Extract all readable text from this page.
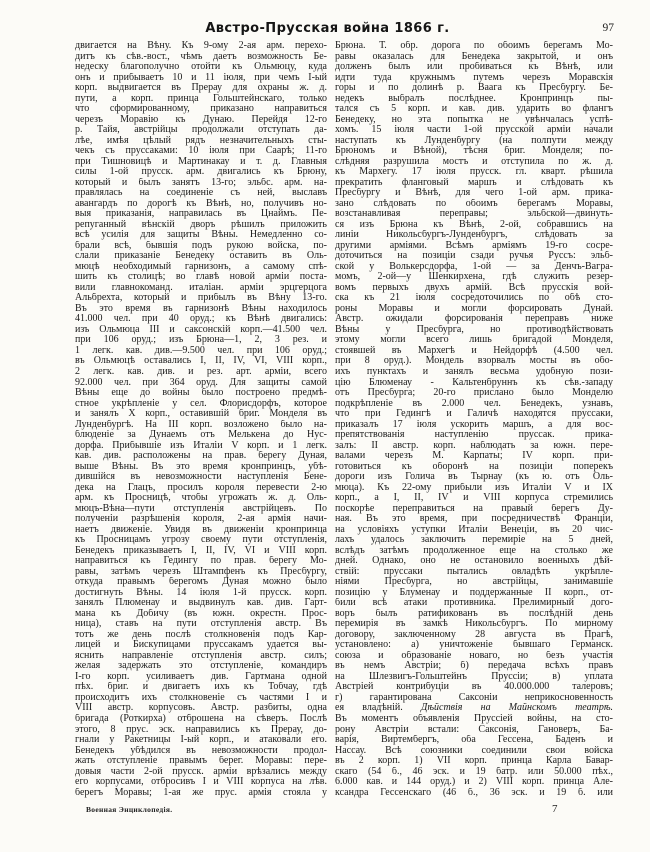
Австро-Прусская война 1866 г.	97
двигается на Вѣну. Къ 9-ому 2-ая арм. перехо-
дитъ къ сѣв.-вост., чѣмъ даетъ возможность Бе-
недеску благополучно отойти къ Ольмюцу, куда
онъ и прибываетъ 10 и 11 іюля, при чемъ I-ый
корп. выдвигается въ Прерау для охраны ж. д.
пути, а корп. принца Гольштейнскаго, только
что сформированному, приказано направиться
черезъ Моравію къ Дунаю. Перейдя 12-го
р. Тайя, австрійцы продолжали отступать да-
лѣе, имѣя цѣлый рядъ незначительныхъ сты-
чекъ съ пруссаками: 10 іюля при Саарѣ; 11-го
при Тишновицѣ и Мартинакау и т. д. Главныя
силы 1-ой прусск. арм. двигались къ Брюну,
который и былъ занятъ 13-го; эльбс. арм. на-
правлялась на соединеніе съ ней, выславъ
авангардъ по дорогѣ къ Вѣнѣ, но, получивъ но-
выя приказанія, направилась въ Цнаймъ. Пе-
репуганный вѣнскій дворъ рѣшилъ приложить
всѣ усилія для защиты Вѣны. Немедленно со-
брали всѣ, бывшія подъ рукою войска, по-
слали приказаніе Бенедеку оставить въ Оль-
мюцѣ необходимый гарнизонъ, а самому спѣ-
шить къ столицѣ; во главѣ новой арміи поста-
вили главнокоманд. италіан. арміи эрцгерцога
Альбрехта, который и прибылъ въ Вѣну 13-го.
Въ это время въ гарнизонѣ Вѣны находилось
41.000 чел. при 40 оруд.; къ Вѣнѣ двигались:
изъ Ольмюца III и саксонскій корп.—41.500 чел.
при 106 оруд.; изъ Брюна—1, 2, 3 рез. и
1 легк. кав. див.—9.500 чел. при 106 оруд.;
въ Ольмюцѣ оставались I, II, IV, VI, VIII корп.,
2 легк. кав. див. и рез. арт. арміи, всего
92.000 чел. при 364 оруд. Для защиты самой
Вѣны еще до войны было построено предмѣ-
стное укрѣпленіе у сел. Флорисдорфъ, которое
и занялъ X корп., оставившій бриг. Монделя въ
Лунденбургѣ. На III корп. возложено было на-
блюденіе за Дунаемъ отъ Мелькена до Нус-
дорфа. Прибывшіе изъ Италіи V корп. и 1 легк.
кав. див. расположены на прав. берегу Дуная,
выше Вѣны. Въ это время кронпринцъ, убѣ-
дившійся въ невозможности наступленія Бене-
дека на Глацъ, просилъ короля перевести 2-ю
арм. къ Просницѣ, чтобы угрожать ж. д. Оль-
мюцъ-Вѣна—пути отступленія австрійцевъ. По
полученіи разрѣшенія короля, 2-ая армія начи-
наетъ движеніе. Увидя въ движеніи кронпринца
къ Просницамъ угрозу своему пути отступленія,
Бенедекъ приказываетъ I, II, IV, VI и VIII корп.
направиться къ Гедингу по прав. берегу Мо-
равы, затѣмъ черезъ Штампфенъ къ Пресбургу,
откуда правымъ берегомъ Дуная можно было
достигнуть Вѣны. 14 іюля 1-й прусск. корп.
занялъ Плюменау и выдвинулъ кав. див. Гарт-
мана къ Добичу (въ южн. окрестн. Прос-
ница), ставъ на пути отступленія австр. Въ
тотъ же день послѣ столкновенія подъ Кар-
лицей и Бискупицами пруссакамъ удается вы-
яснить направленіе отступленія австр. силъ;
желая задержать это отступленіе, командиръ
I-го корп. усиливаетъ див. Гартмана одной
пѣх. бриг. и двигаетъ ихъ къ Тобчау, гдѣ
происходитъ ихъ столкновеніе съ частями I и
VIII австр. корпусовъ. Австр. разбиты, одна
бригада (Роткирха) отброшена на сѣверъ. Послѣ
этого, 8 прус. эск. направились къ Прерау, до-
гнали у Ракетницы I-ый корп., и атаковали его.
Бенедекъ убѣдился въ невозможности продол-
жать отступленіе правымъ берег. Моравы: пере-
довыя части 2-ой прусск. арміи врѣзались между
его корпусами, отбросивъ I и VIII корпуса на лѣв.
берегъ Моравы; 1-ая же прус. армія стояла у
Брюна. Т. обр. дорога по обоимъ берегамъ Мо-
равы оказалась для Бенедека закрытой, и онъ
долженъ былъ или пробиваться къ Вѣнѣ, или
идти туда кружнымъ путемъ черезъ Моравскія
горы и по долинѣ р. Ваага къ Пресбургу. Бе-
недекъ выбралъ послѣднее. Кронпринцъ пы-
тался съ 5 корп. и кав. див. ударить во флангъ
Бенедеку, но эта попытка не увѣнчалась успѣ-
хомъ. 15 іюля части 1-ой прусской арміи начали
наступать къ Лунденбургу (на полпути между
Брюномъ и Вѣной), тѣсня бриг. Монделя; по-
слѣдняя разрушила мостъ и отступила по ж. д.
къ Мархегу. 17 іюля прусск. гл. кварт. рѣшила
прекратить фланговый маршъ и слѣдовать къ
Пресбургу и Вѣнѣ, для чего 1-ой арм. прика-
зано слѣдовать по обоимъ берегамъ Моравы,
возстанавливая переправы; эльбской—двинуть-
ся изъ Брюна къ Вѣнѣ, 2-ой, собравшись на
линіи Никольсбургъ-Лунденбургъ, слѣдовать за
другими арміями. Всѣмъ арміямъ 19-го сосре-
доточиться на позиціи сзади ручья Руссъ: эльб-
ской у Волькерсдорфа, 1-ой — за Денчъ-Вагра-
момъ, 2-ой—у Шенкирхена, гдѣ служить резер-
вомъ первыхъ двухъ армій. Всѣ прусскія вой-
ска къ 21 іюля сосредоточились по обѣ сто-
роны Моравы и могли форсировать Дунай.
Австр. ожидали форсированія переправъ ниже
Вѣны у Пресбурга, но противодѣйствовать
этому могли всего лишь бригадой Монделя,
стоявшей въ Мархегѣ и Нейдорфѣ (4.500 чел.
при 8 оруд.). Мондель взорвалъ мосты въ обо-
ихъ пунктахъ и занялъ весьма удобную пози-
цію Блюменау - Кальтенбруннъ къ сѣв.-западу
отъ Пресбурга; 20-го прислано было Монделю
подкрѣпленіе въ 2.000 чел. Бенедекъ, узнавъ,
что при Гедингѣ и Галичѣ находятся пруссаки,
приказалъ 17 іюля ускорить маршъ, а для вос-
препятствованія наступленію пруссак. прика-
залъ: II австр. корп. наблюдать за южн. пере-
валами черезъ М. Карпаты; IV корп. при-
готовиться къ оборонѣ на позиціи поперекъ
дороги изъ Голича въ Тырнау (къ ю. отъ Оль-
мюца). Къ 22-ому прибыли изъ Италіи V и IX
корп., а I, II, IV и VIII корпуса стремились
поскорѣе переправиться на правый берегъ Ду-
ная. Въ это время, при посредничествѣ Франціи,
на условіяхъ уступки Италіи Венеціи, въ 20 чис-
лахъ удалось заключить перемиріе на 5 дней,
вслѣдъ затѣмъ продолженное еще на столько же
дней. Однако, оно не остановило военныхъ дѣй-
ствій: пруссаки пытались овладѣть укрѣпле-
ніями Пресбурга, но австрійцы, занимавшіе
позицію у Блуменау и поддержанные II корп., от-
били всѣ атаки противника. Прелимирный дого-
воръ былъ ратификованъ въ послѣдній день
перемирія въ замкѣ Никольсбургъ. По мирному
договору, заключенному 28 августа въ Прагѣ,
установлено: а) уничтоженіе бывшаго Германск.
союза и образованіе новаго, но безъ участія
въ немъ Австріи; б) передача всѣхъ правъ
на Шлезвигъ-Гольштейнъ Пруссіи; в) уплата
Австріей контрибуціи въ 40.000.000 талеровъ;
г) гарантирована Саксоніи неприкосновенность
ея владѣній. Дѣйствія на Майнскомъ театрѣ.
Въ моментъ объявленія Пруссіей войны, на сто-
рону Австріи встали: Саксонія, Гановеръ, Ба-
варія, Виртембергъ, оба Гессена, Баденъ и
Нассау. Всѣ союзники соединили свои войска
въ 2 корп. 1) VII корп. принца Карла Бавар-
скаго (54 б., 46 эск. и 19 батр. или 50.000 пѣх.,
6.000 кав. и 144 оруд.) и 2) VIII корп. принца Але-
ксандра Гессенскаго (46 б., 36 эск. и 19 б. или
Военная Энциклопедія.	7
